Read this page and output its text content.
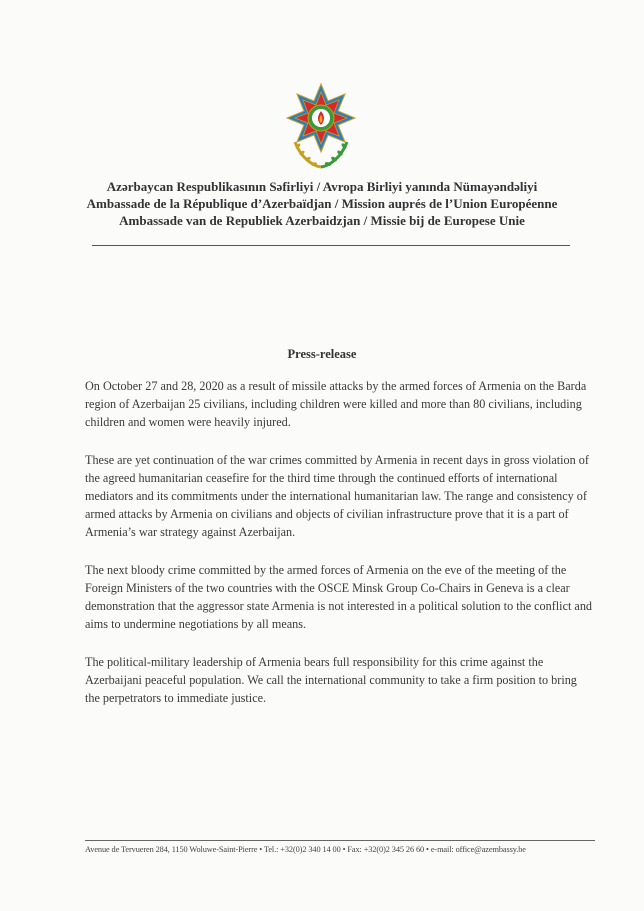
Azərbaycan Respublikasının Səfirliyi / Avropa Birliyi yanında Nümayəndəliyi
Ambassade de la République d’Azerbaïdjan / Mission auprés de l’Union Européenne
Ambassade van de Republiek Azerbaidzjan / Missie bij de Europese Unie
Press-release

On October 27 and 28, 2020 as a result of missile attacks by the armed forces of Armenia on the Barda region of Azerbaijan 25 civilians, including children were killed and more than 80 civilians, including children and women were heavily injured.

These are yet continuation of the war crimes committed by Armenia in recent days in gross violation of the agreed humanitarian ceasefire for the third time through the continued efforts of international mediators and its commitments under the international humanitarian law. The range and consistency of armed attacks by Armenia on civilians and objects of civilian infrastructure prove that it is a part of Armenia’s war strategy against Azerbaijan.

The next bloody crime committed by the armed forces of Armenia on the eve of the meeting of the Foreign Ministers of the two countries with the OSCE Minsk Group Co-Chairs in Geneva is a clear demonstration that the aggressor state Armenia is not interested in a political solution to the conflict and aims to undermine negotiations by all means.

The political-military leadership of Armenia bears full responsibility for this crime against the Azerbaijani peaceful population. We call the international community to take a firm position to bring the perpetrators to immediate justice.

Avenue de Tervueren 284, 1150 Woluwe-Saint-Pierre • Tel.: +32(0)2 340 14 00 • Fax: +32(0)2 345 26 60 • e-mail: office@azembassy.be
